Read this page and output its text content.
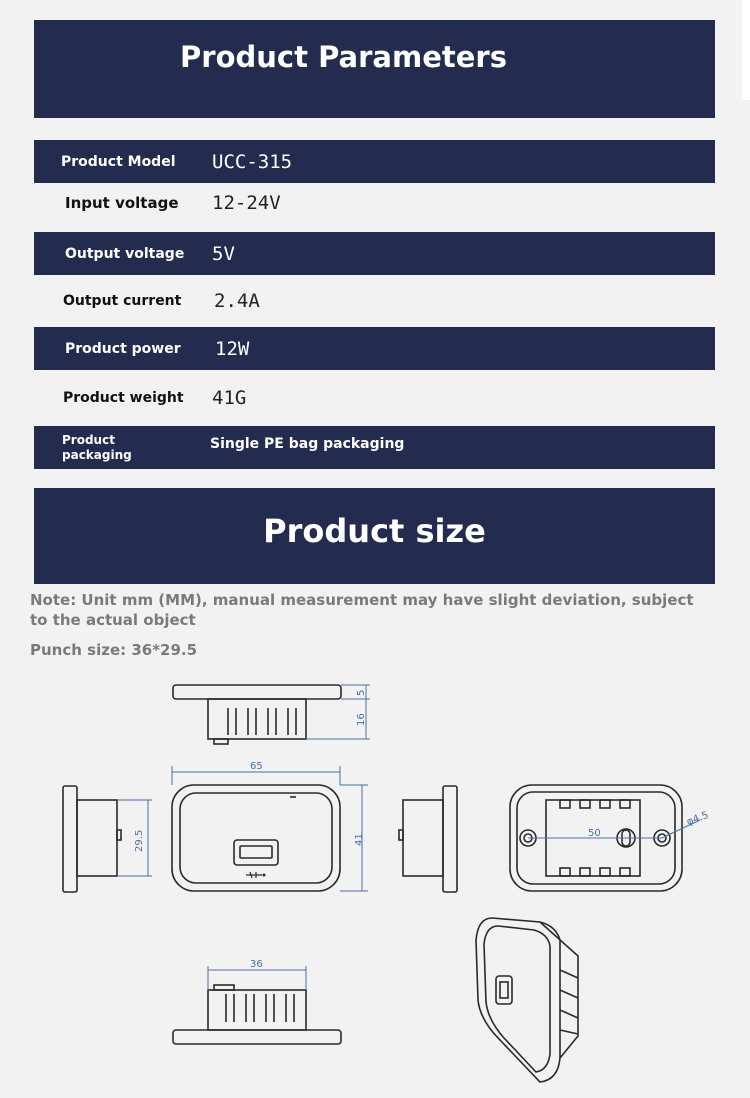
Product Parameters
Product Model UCC-315
Input voltage 12-24V
Output voltage 5V
Output current 2.4A
Product power 12W
Product weight 41G
Product
packaging
Single PE bag packaging
Product size
Note: Unit mm (MM), manual measurement may have slight deviation, subject to the actual object
Punch size: 36*29.5
5
16
65
41
29.5	50
φ4.5
36
